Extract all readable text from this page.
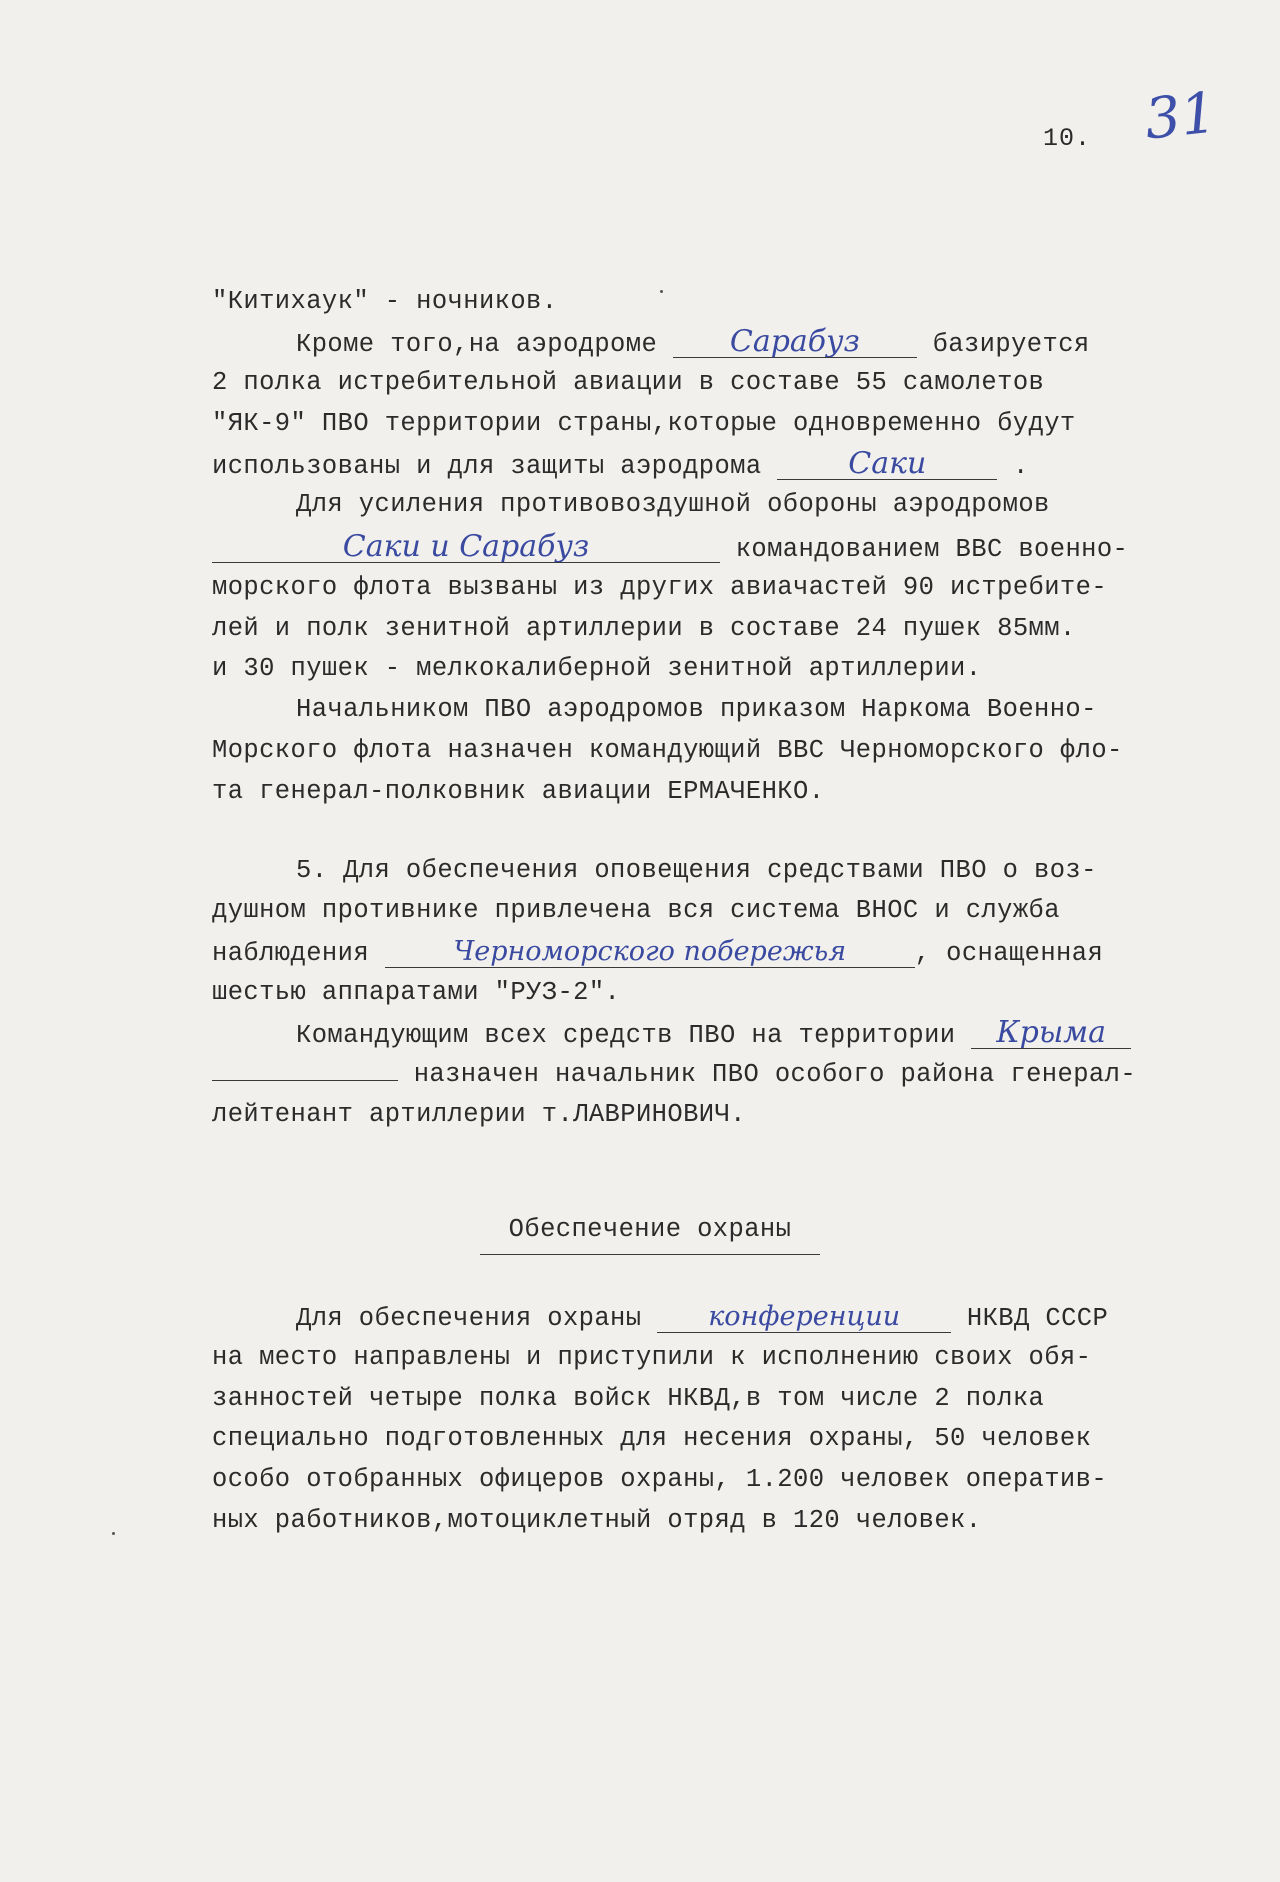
10. 31
"Китихаук" - ночников.
Кроме того,на аэродроме Сарабуз базируется
2 полка истребительной авиации в составе 55 самолетов
"ЯК-9" ПВО территории страны,которые одновременно будут
использованы и для защиты аэродрома Саки	.
Для усиления противовоздушной обороны аэродромов
Саки и Сарабуз	командованием ВВС военно-
морского флота вызваны из других авиачастей 90 истребите-
лей и полк зенитной артиллерии в составе 24 пушек 85мм.
и 30 пушек - мелкокалиберной зенитной артиллерии.
Начальником ПВО аэродромов приказом Наркома Военно-
Морского флота назначен командующий ВВС Черноморского фло-
та генерал-полковник авиации ЕРМАЧЕНКО.
5. Для обеспечения оповещения средствами ПВО о воз-
душном противнике привлечена вся система ВНОС и служба
наблюдения	Черноморского побережья	, оснащенная
шестью аппаратами "РУЗ-2".
Командующим всех средств ПВО на территории Крыма
назначен начальник ПВО особого района генерал-
лейтенант артиллерии т.ЛАВРИНОВИЧ.
Для обеспечения охраны конференции НКВД СССР
на место направлены и приступили к исполнению своих обя-
занностей четыре полка войск НКВД,в том числе 2 полка
специально подготовленных для несения охраны, 50 человек
особо отобранных офицеров охраны, 1.200 человек оператив-
ных работников,мотоциклетный отряд в 120 человек.
Обеспечение охраны
